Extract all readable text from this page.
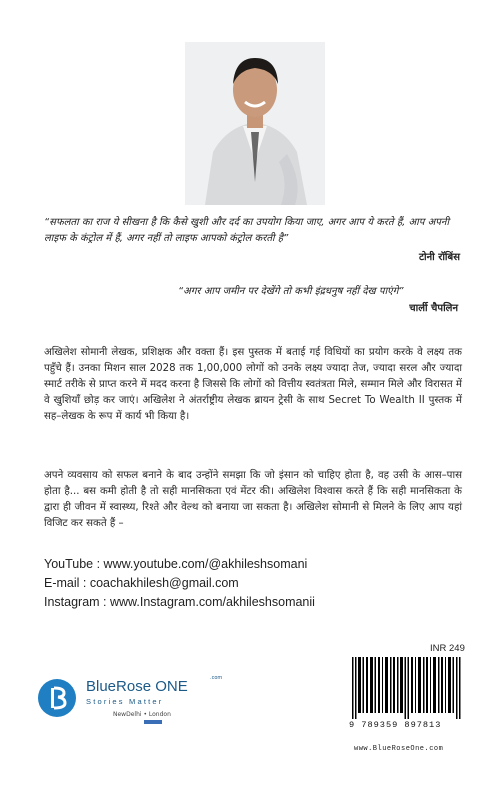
“सफलता का राज ये सीखना है कि कैसे खुशी और दर्द का उपयोग किया जाए, अगर आप ये करते हैं, आप अपनी लाइफ के कंट्रोल में हैं, अगर नहीं तो लाइफ आपको कंट्रोल करती है”
टोनी रॉबिंस
“अगर आप जमीन पर देखेंगे तो कभी इंद्रधनुष नहीं देख पाएंगे”
चार्ली चैपलिन
अखिलेश सोमानी लेखक, प्रशिक्षक और वक्ता हैं। इस पुस्तक में बताई गई विधियों का प्रयोग करके वे लक्ष्य तक पहुँचे हैं। उनका मिशन साल 2028 तक 1,00,000 लोगों को उनके लक्ष्य ज्यादा तेज, ज्यादा सरल और ज्यादा स्मार्ट तरीके से प्राप्त करने में मदद करना है जिससे कि लोगों को वित्तीय स्वतंत्रता मिले, सम्मान मिले और विरासत में वे खुशियाँ छोड़ कर जाएं। अखिलेश ने अंतर्राष्ट्रीय लेखक ब्रायन ट्रेसी के साथ Secret To Wealth II पुस्तक में सह–लेखक के रूप में कार्य भी किया है।
अपने व्यवसाय को सफल बनाने के बाद उन्होंने समझा कि जो इंसान को चाहिए होता है, वह उसी के आस–पास होता है... बस कमी होती है तो सही मानसिकता एवं मेंटर की। अखिलेश विश्वास करते हैं कि सही मानसिकता के द्वारा ही जीवन में स्वास्थ्य, रिश्ते और वेल्थ को बनाया जा सकता है। अखिलेश सोमानी से मिलने के लिए आप यहां विजिट कर सकते हैं –
YouTube : www.youtube.com/@akhileshsomani
E-mail : coachakhilesh@gmail.com
Instagram : www.Instagram.com/akhileshsomanii
BlueRose ONE	.com
Stories Matter
NewDelhi • London
INR 249
9 789359 897813
www.BlueRoseOne.com
